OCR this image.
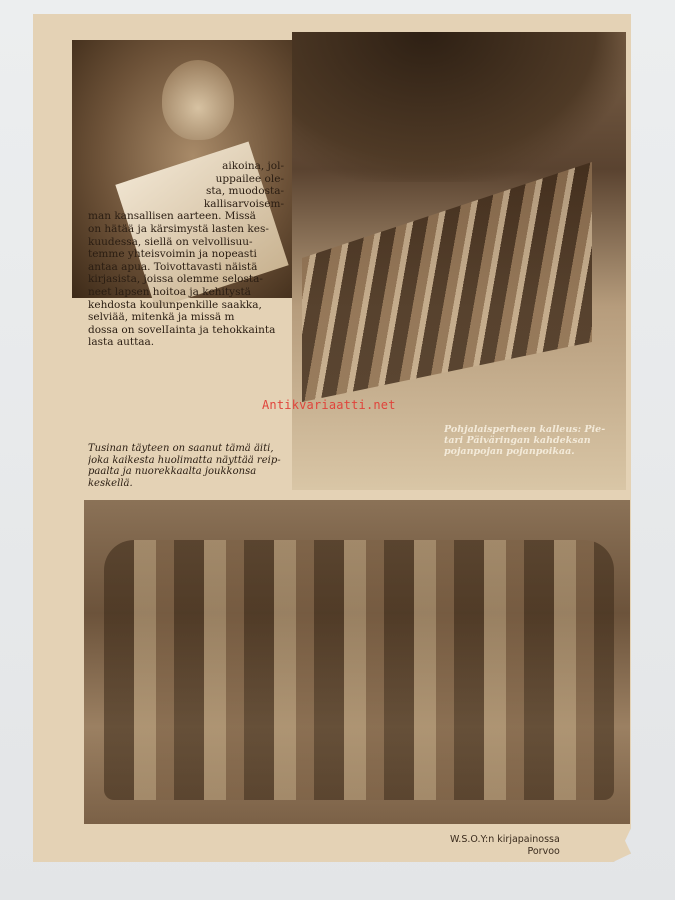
aikoina, jol-
uppailee ole-
sta, muodosta-
kallisarvoisem-
man kansallisen aarteen. Missä
on hätää ja kärsimystä lasten kes-
kuudessa, siellä on velvollisuu-
temme yhteisvoimin ja nopeasti
antaa apua. Toivottavasti näistä
kirjasista, joissa olemme selosta-
neet lapsen hoitoa ja kehitystä
kehdosta koulunpenkille saakka,
selviää, mitenkä ja missä m
dossa on sovelIainta ja tehokkainta
lasta auttaa.

Tusinan täyteen on saanut tämä äiti,
joka kaikesta huolimatta näyttää reip-
paalta ja nuorekkaalta joukkonsa
keskellä.

Pohjalaisperheen kalleus: Pie-
tari Päiväringan kahdeksan
pojanpojan pojanpoikaa.

Antikvariaatti.net

W.S.O.Y:n kirjapainossa
Porvoo
